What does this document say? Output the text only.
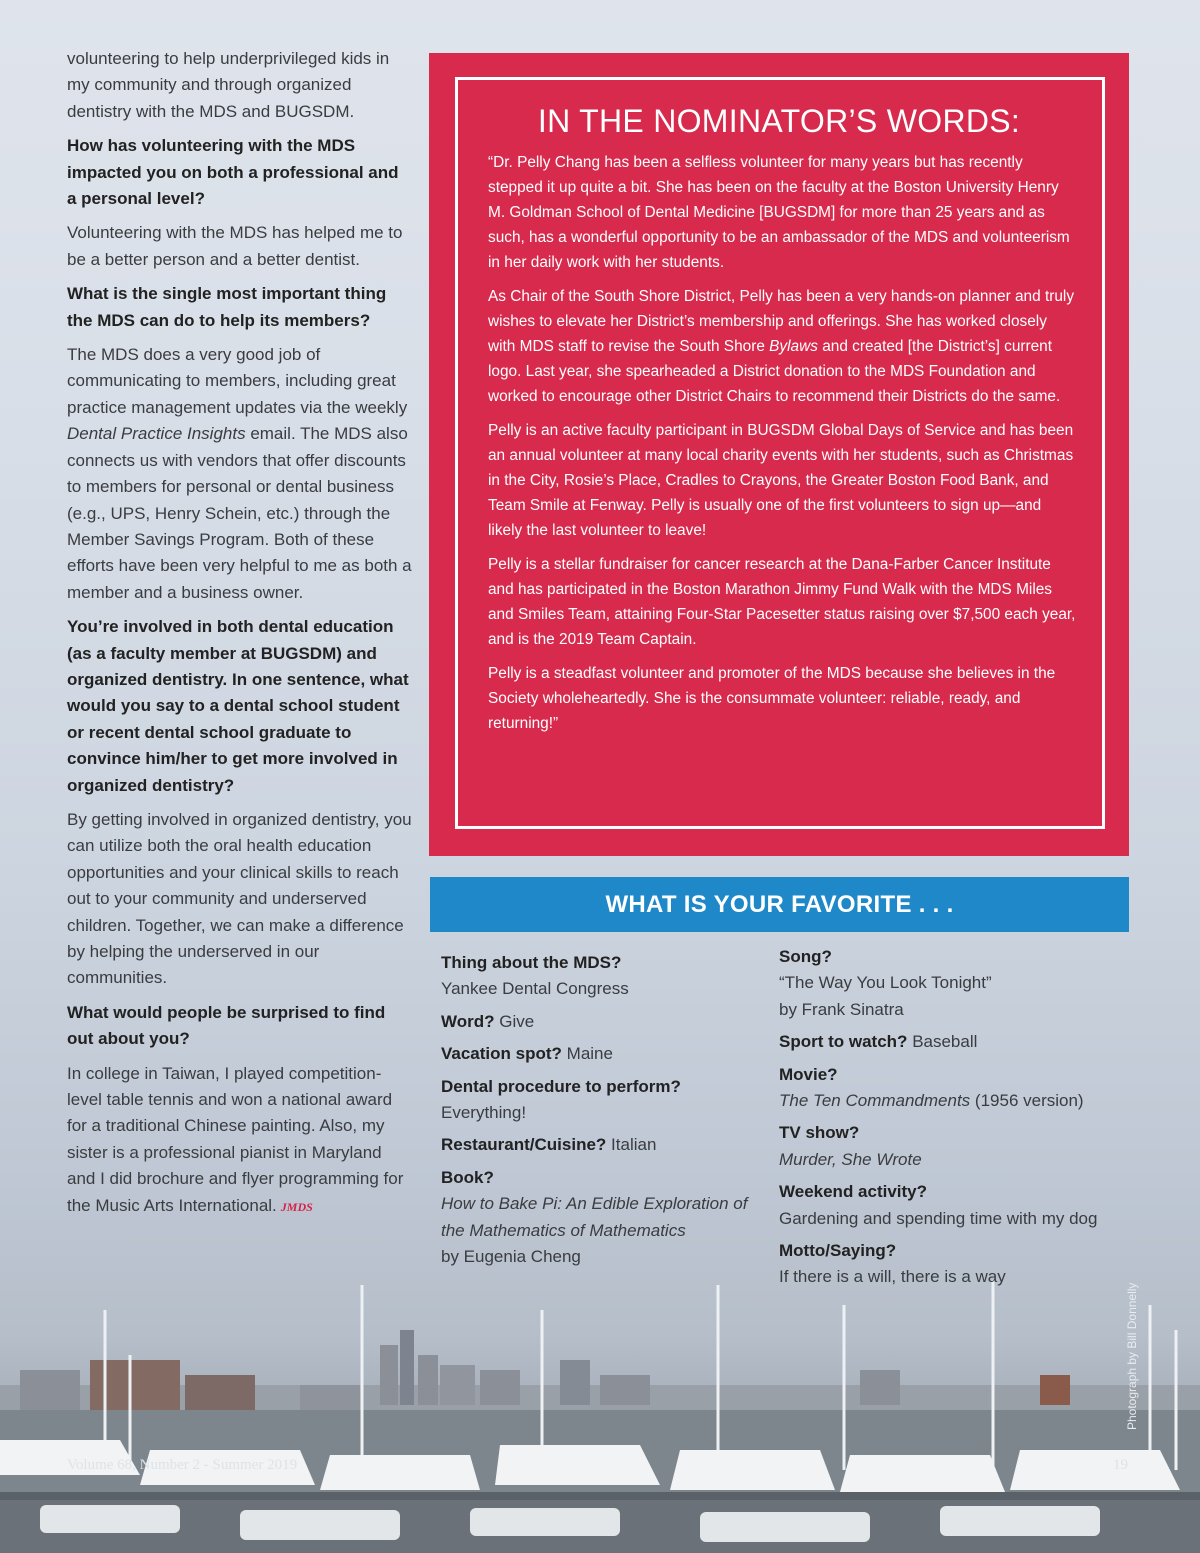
volunteering to help underprivileged kids in my community and through organized dentistry with the MDS and BUGSDM.

How has volunteering with the MDS impacted you on both a professional and a personal level?

Volunteering with the MDS has helped me to be a better person and a better dentist.

What is the single most important thing the MDS can do to help its members?

The MDS does a very good job of communicating to members, including great practice management updates via the weekly Dental Practice Insights email. The MDS also connects us with vendors that offer discounts to members for personal or dental business (e.g., UPS, Henry Schein, etc.) through the Member Savings Program. Both of these efforts have been very helpful to me as both a member and a business owner.

You’re involved in both dental education (as a faculty member at BUGSDM) and organized dentistry. In one sentence, what would you say to a dental school student or recent dental school graduate to convince him/her to get more involved in organized dentistry?

By getting involved in organized dentistry, you can utilize both the oral health education opportunities and your clinical skills to reach out to your community and underserved children. Together, we can make a difference by helping the underserved in our communities.

What would people be surprised to find out about you?

In college in Taiwan, I played competition-level table tennis and won a national award for a traditional Chinese painting. Also, my sister is a professional pianist in Maryland and I did brochure and flyer programming for the Music Arts International. JMDS

IN THE NOMINATOR’S WORDS:

“Dr. Pelly Chang has been a selfless volunteer for many years but has recently stepped it up quite a bit. She has been on the faculty at the Boston University Henry M. Goldman School of Dental Medicine [BUGSDM] for more than 25 years and as such, has a wonderful opportunity to be an ambassador of the MDS and volunteerism in her daily work with her students.

As Chair of the South Shore District, Pelly has been a very hands-on planner and truly wishes to elevate her District’s membership and offerings. She has worked closely with MDS staff to revise the South Shore Bylaws and created [the District’s] current logo. Last year, she spearheaded a District donation to the MDS Foundation and worked to encourage other District Chairs to recommend their Districts do the same.

Pelly is an active faculty participant in BUGSDM Global Days of Service and has been an annual volunteer at many local charity events with her students, such as Christmas in the City, Rosie’s Place, Cradles to Crayons, the Greater Boston Food Bank, and Team Smile at Fenway. Pelly is usually one of the first volunteers to sign up—and likely the last volunteer to leave!

Pelly is a stellar fundraiser for cancer research at the Dana-Farber Cancer Institute and has participated in the Boston Marathon Jimmy Fund Walk with the MDS Miles and Smiles Team, attaining Four-Star Pacesetter status raising over $7,500 each year, and is the 2019 Team Captain.

Pelly is a steadfast volunteer and promoter of the MDS because she believes in the Society wholeheartedly. She is the consummate volunteer: reliable, ready, and returning!”

WHAT IS YOUR FAVORITE . . .
Thing about the MDS?
Yankee Dental Congress
Word? Give
Vacation spot? Maine
Dental procedure to perform?
Everything!
Restaurant/Cuisine? Italian
Book?
How to Bake Pi: An Edible Exploration of the Mathematics of Mathematics
by Eugenia Cheng
Song?
“The Way You Look Tonight”
by Frank Sinatra
Sport to watch? Baseball
Movie?
The Ten Commandments (1956 version)
TV show?
Murder, She Wrote
Weekend activity?
Gardening and spending time with my dog
Motto/Saying?
If there is a will, there is a way
Photograph by Bill Donnelly
Volume 68, Number 2 - Summer 2019	19
